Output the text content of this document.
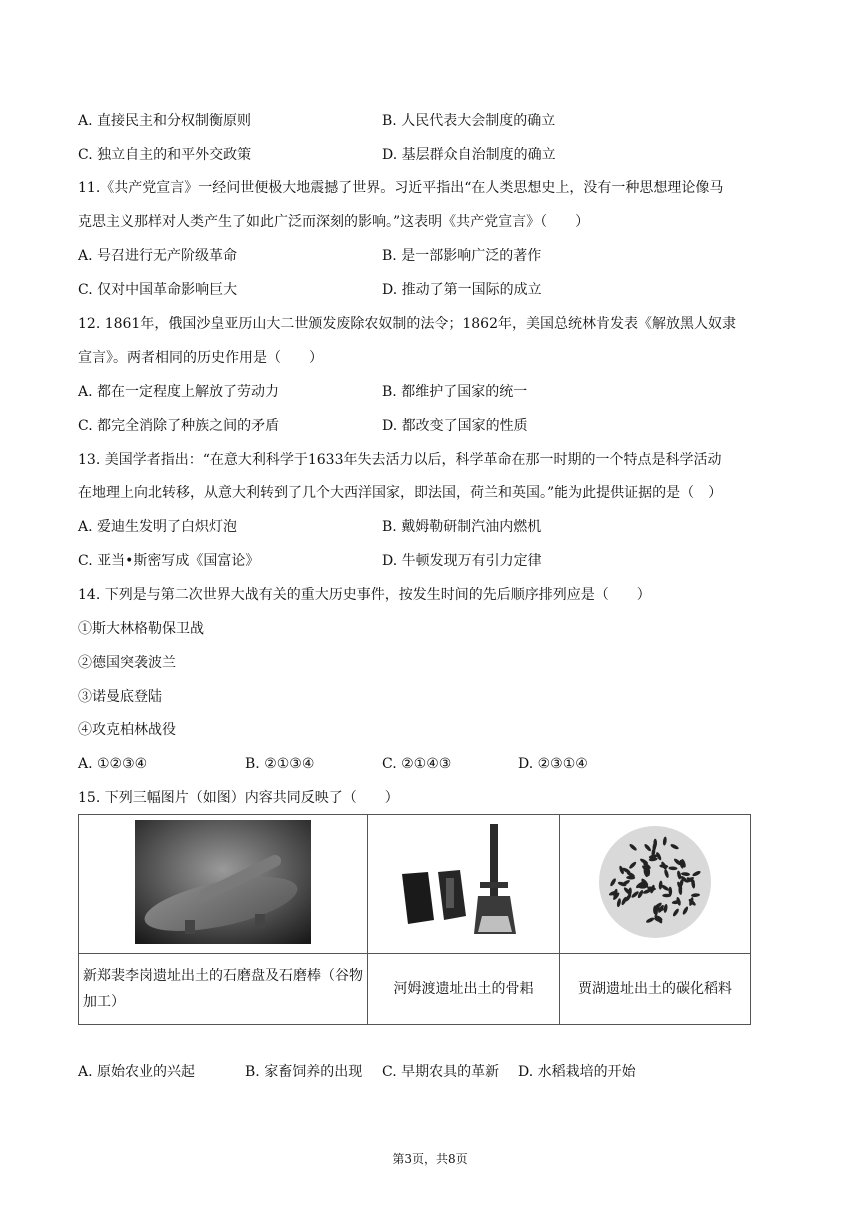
A. 直接民主和分权制衡原则	B. 人民代表大会制度的确立
C. 独立自主的和平外交政策	D. 基层群众自治制度的确立
11.《共产党宣言》一经问世便极大地震撼了世界。习近平指出“在人类思想史上，没有一种思想理论像马
克思主义那样对人类产生了如此广泛而深刻的影响。”这表明《共产党宣言》（　　）
A. 号召进行无产阶级革命	B. 是一部影响广泛的著作
C. 仅对中国革命影响巨大	D. 推动了第一国际的成立
12. 1861年，俄国沙皇亚历山大二世颁发废除农奴制的法令；1862年，美国总统林肯发表《解放黑人奴隶
宣言》。两者相同的历史作用是（　　）
A. 都在一定程度上解放了劳动力	B. 都维护了国家的统一
C. 都完全消除了种族之间的矛盾	D. 都改变了国家的性质
13. 美国学者指出：“在意大利科学于1633年失去活力以后，科学革命在那一时期的一个特点是科学活动
在地理上向北转移，从意大利转到了几个大西洋国家，即法国，荷兰和英国。”能为此提供证据的是（　）
A. 爱迪生发明了白炽灯泡	B. 戴姆勒研制汽油内燃机
C. 亚当•斯密写成《国富论》	D. 牛顿发现万有引力定律
14. 下列是与第二次世界大战有关的重大历史事件，按发生时间的先后顺序排列应是（　　）
①斯大林格勒保卫战
②德国突袭波兰
③诺曼底登陆
④攻克柏林战役
A. ①②③④	B. ②①③④	C. ②①④③	D. ②③①④
15. 下列三幅图片（如图）内容共同反映了（　　）

新郑裴李岗遗址出土的石磨盘及石磨棒（谷物加工）	河姆渡遗址出土的骨耜	贾湖遗址出土的碳化稻料
A. 原始农业的兴起	B. 家畜饲养的出现 C. 早期农具的革新 D. 水稻栽培的开始
第3页，共8页
